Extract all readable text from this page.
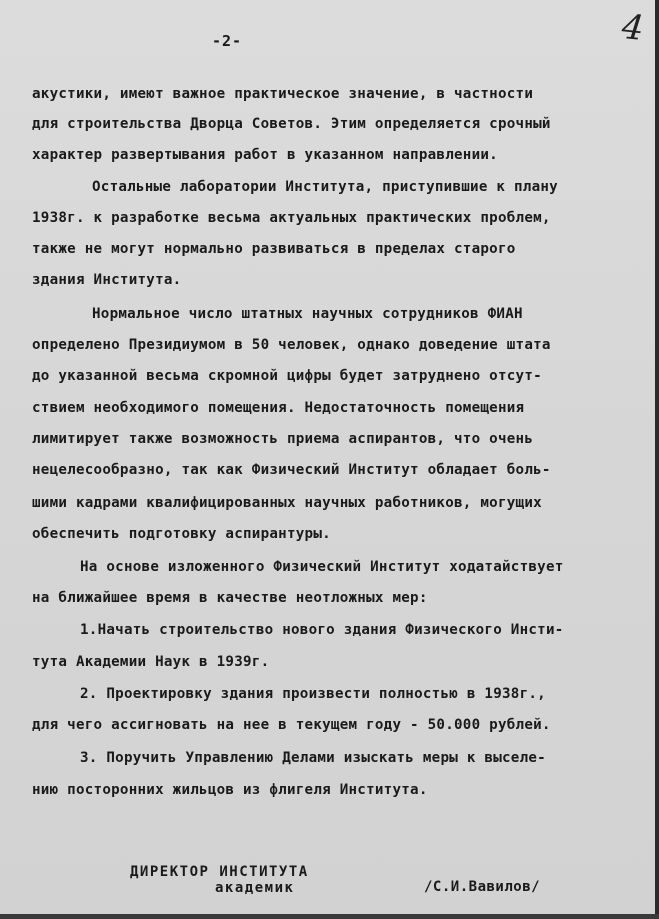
-2-	4
акустики, имеют важное практическое значение, в частности
для строительства Дворца Советов. Этим определяется срочный
характер развертывания работ в указанном направлении.
Остальные лаборатории Института, приступившие к плану
1938г. к разработке весьма актуальных практических проблем,
также не могут нормально развиваться в пределах старого
здания Института.
Нормальное число штатных научных сотрудников ФИАН
определено Президиумом в 50 человек, однако доведение штата
до указанной весьма скромной цифры будет затруднено отсут-
ствием необходимого помещения. Недостаточность помещения
лимитирует также возможность приема аспирантов, что очень
нецелесообразно, так как Физический Институт обладает боль-
шими кадрами квалифицированных научных работников, могущих
обеспечить подготовку аспирантуры.
На основе изложенного Физический Институт ходатайствует
на ближайшее время в качестве неотложных мер:
1.Начать строительство нового здания Физического Инсти-
тута Академии Наук в 1939г.
2. Проектировку здания произвести полностью в 1938г.,
для чего ассигновать на нее в текущем году - 50.000 рублей.
3. Поручить Управлению Делами изыскать меры к выселе-
нию посторонних жильцов из флигеля Института.
ДИРЕКТОР ИНСТИТУТА
академик	/С.И.Вавилов/
